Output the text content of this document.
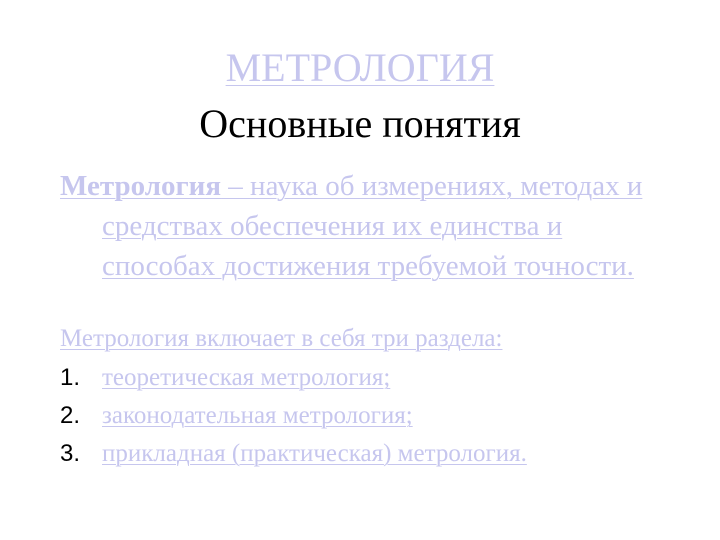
МЕТРОЛОГИЯ
Основные понятия
Метрология – наука об измерениях, методах и средствах обеспечения их единства и способах достижения требуемой точности.
Метрология включает в себя три раздела:
1. теоретическая метрология;
2. законодательная метрология;
3. прикладная (практическая) метрология.
